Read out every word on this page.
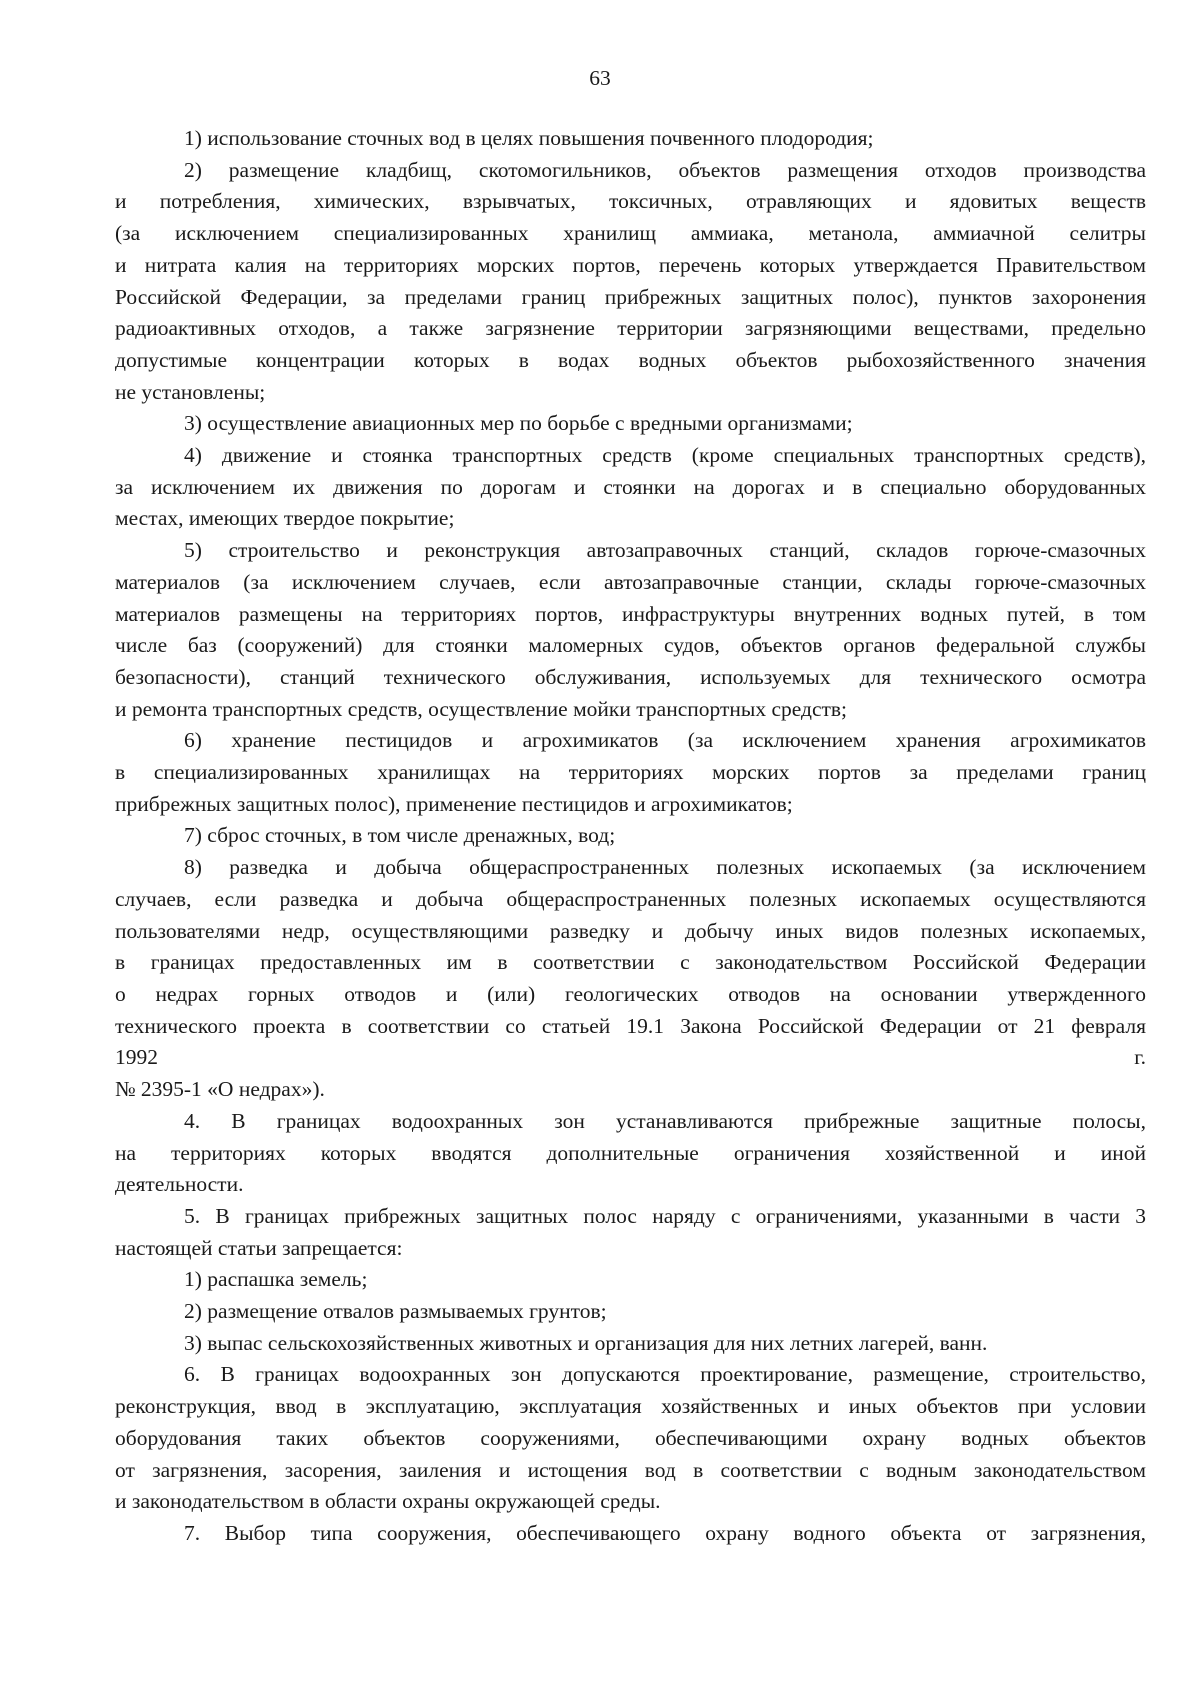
63
1) использование сточных вод в целях повышения почвенного плодородия;
2) размещение кладбищ, скотомогильников, объектов размещения отходов производства
и потребления, химических, взрывчатых, токсичных, отравляющих и ядовитых веществ
(за исключением специализированных хранилищ аммиака, метанола, аммиачной селитры
и нитрата калия на территориях морских портов, перечень которых утверждается Правительством
Российской Федерации, за пределами границ прибрежных защитных полос), пунктов захоронения
радиоактивных отходов, а также загрязнение территории загрязняющими веществами, предельно
допустимые концентрации которых в водах водных объектов рыбохозяйственного значения
не установлены;
3) осуществление авиационных мер по борьбе с вредными организмами;
4) движение и стоянка транспортных средств (кроме специальных транспортных средств),
за исключением их движения по дорогам и стоянки на дорогах и в специально оборудованных
местах, имеющих твердое покрытие;
5) строительство и реконструкция автозаправочных станций, складов горюче-смазочных
материалов (за исключением случаев, если автозаправочные станции, склады горюче-смазочных
материалов размещены на территориях портов, инфраструктуры внутренних водных путей, в том
числе баз (сооружений) для стоянки маломерных судов, объектов органов федеральной службы
безопасности), станций технического обслуживания, используемых для технического осмотра
и ремонта транспортных средств, осуществление мойки транспортных средств;
6) хранение пестицидов и агрохимикатов (за исключением хранения агрохимикатов
в специализированных хранилищах на территориях морских портов за пределами границ
прибрежных защитных полос), применение пестицидов и агрохимикатов;
7) сброс сточных, в том числе дренажных, вод;
8) разведка и добыча общераспространенных полезных ископаемых (за исключением
случаев, если разведка и добыча общераспространенных полезных ископаемых осуществляются
пользователями недр, осуществляющими разведку и добычу иных видов полезных ископаемых,
в границах предоставленных им в соответствии с законодательством Российской Федерации
о недрах горных отводов и (или) геологических отводов на основании утвержденного
технического проекта в соответствии со статьей 19.1 Закона Российской Федерации от 21 февраля
1992 г.
№ 2395-1 «О недрах»).
4. В границах водоохранных зон устанавливаются прибрежные защитные полосы,
на территориях которых вводятся дополнительные ограничения хозяйственной и иной
деятельности.
5. В границах прибрежных защитных полос наряду с ограничениями, указанными в части 3
настоящей статьи запрещается:
1) распашка земель;
2) размещение отвалов размываемых грунтов;
3) выпас сельскохозяйственных животных и организация для них летних лагерей, ванн.
6. В границах водоохранных зон допускаются проектирование, размещение, строительство,
реконструкция, ввод в эксплуатацию, эксплуатация хозяйственных и иных объектов при условии
оборудования таких объектов сооружениями, обеспечивающими охрану водных объектов
от загрязнения, засорения, заиления и истощения вод в соответствии с водным законодательством
и законодательством в области охраны окружающей среды.
7. Выбор типа сооружения, обеспечивающего охрану водного объекта от загрязнения,
